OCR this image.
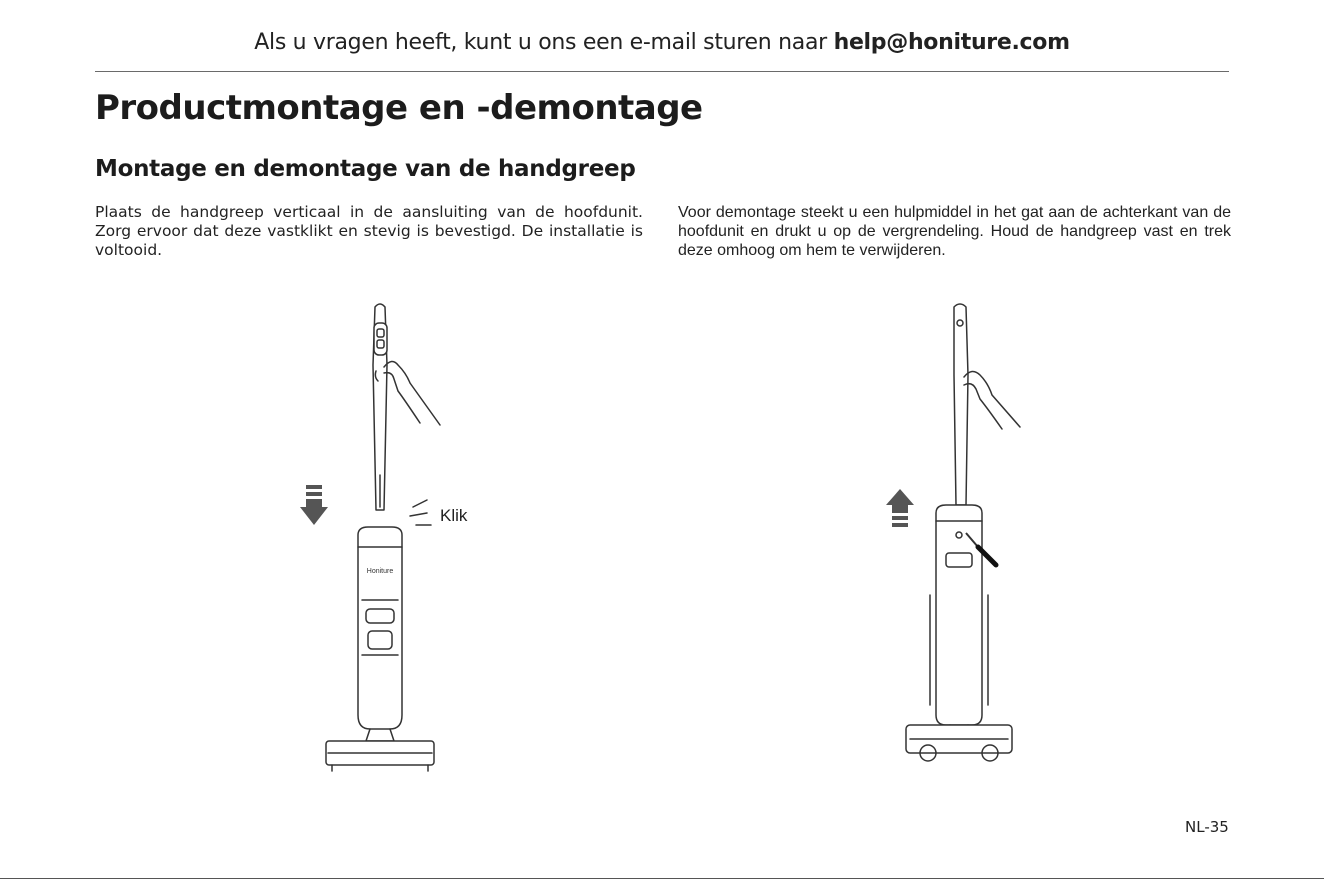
Als u vragen heeft, kunt u ons een e-mail sturen naar help@honiture.com
Productmontage en -demontage
Montage en demontage van de handgreep

Plaats de handgreep verticaal in de aansluiting van de hoofdunit. Zorg ervoor dat deze vastklikt en stevig is bevestigd. De installatie is voltooid.

Voor demontage steekt u een hulpmiddel in het gat aan de achterkant van de hoofdunit en drukt u op de vergrendeling. Houd de handgreep vast en trek deze omhoog om hem te verwijderen.

Klik
Honiture

NL-35
